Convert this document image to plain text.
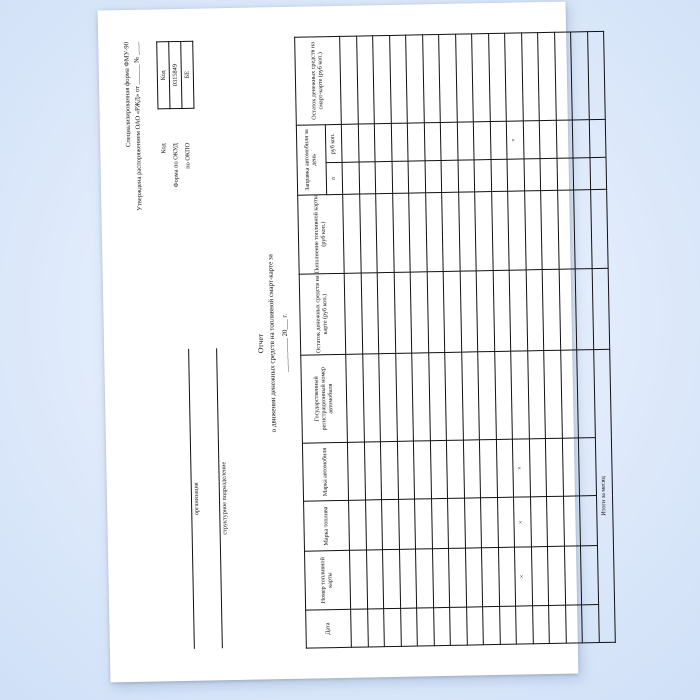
Специализированная форма ФМУ-90 Утверждена распоряжением ОАО «РЖД» от ______ № ____	Код Форма по ОКУД по ОКПО
Код
0315849
БЕ
организация	структурное подразделение
Отчет о движении денежных средств на топливной смарт-карте за __________ 20___ г.
Дата	Номер топливной карты	Марка топлива	Марка автомобиля	Государственный регистрационный номер автомобиля	Остаток денежных средств на карте (руб коп.)	Пополнение топливной карты (руб коп.)	Заправка автомобиля за день		Остаток денежных средств на смарт-карте (руб коп.)
							л	руб коп.	

	×	×	×					×	

Итоги за месяц									
